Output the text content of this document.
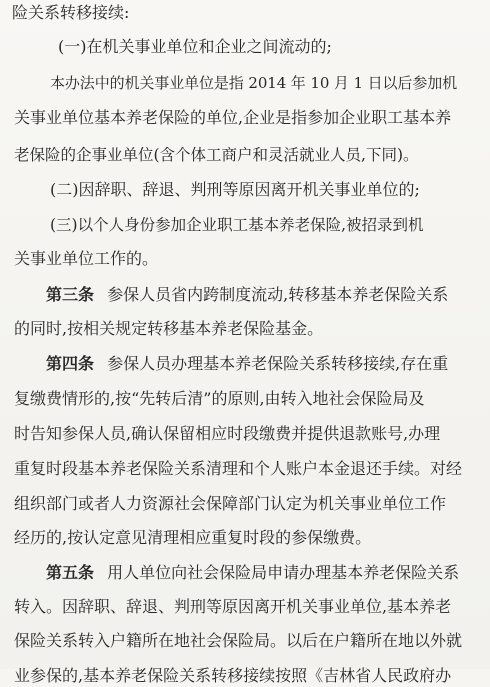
险关系转移接续:
(一)在机关事业单位和企业之间流动的;
本办法中的机关事业单位是指 2014 年 10 月 1 日以后参加机
关事业单位基本养老保险的单位,企业是指参加企业职工基本养
老保险的企事业单位(含个体工商户和灵活就业人员,下同)。
(二)因辞职、辞退、判刑等原因离开机关事业单位的;
(三)以个人身份参加企业职工基本养老保险,被招录到机
关事业单位工作的。
第三条 参保人员省内跨制度流动,转移基本养老保险关系
的同时,按相关规定转移基本养老保险基金。
第四条 参保人员办理基本养老保险关系转移接续,存在重
复缴费情形的,按“先转后清”的原则,由转入地社会保险局及
时告知参保人员,确认保留相应时段缴费并提供退款账号,办理
重复时段基本养老保险关系清理和个人账户本金退还手续。对经
组织部门或者人力资源社会保障部门认定为机关事业单位工作
经历的,按认定意见清理相应重复时段的参保缴费。
第五条 用人单位向社会保险局申请办理基本养老保险关系
转入。因辞职、辞退、判刑等原因离开机关事业单位,基本养老
保险关系转入户籍所在地社会保险局。以后在户籍所在地以外就
业参保的,基本养老保险关系转移接续按照《吉林省人民政府办
